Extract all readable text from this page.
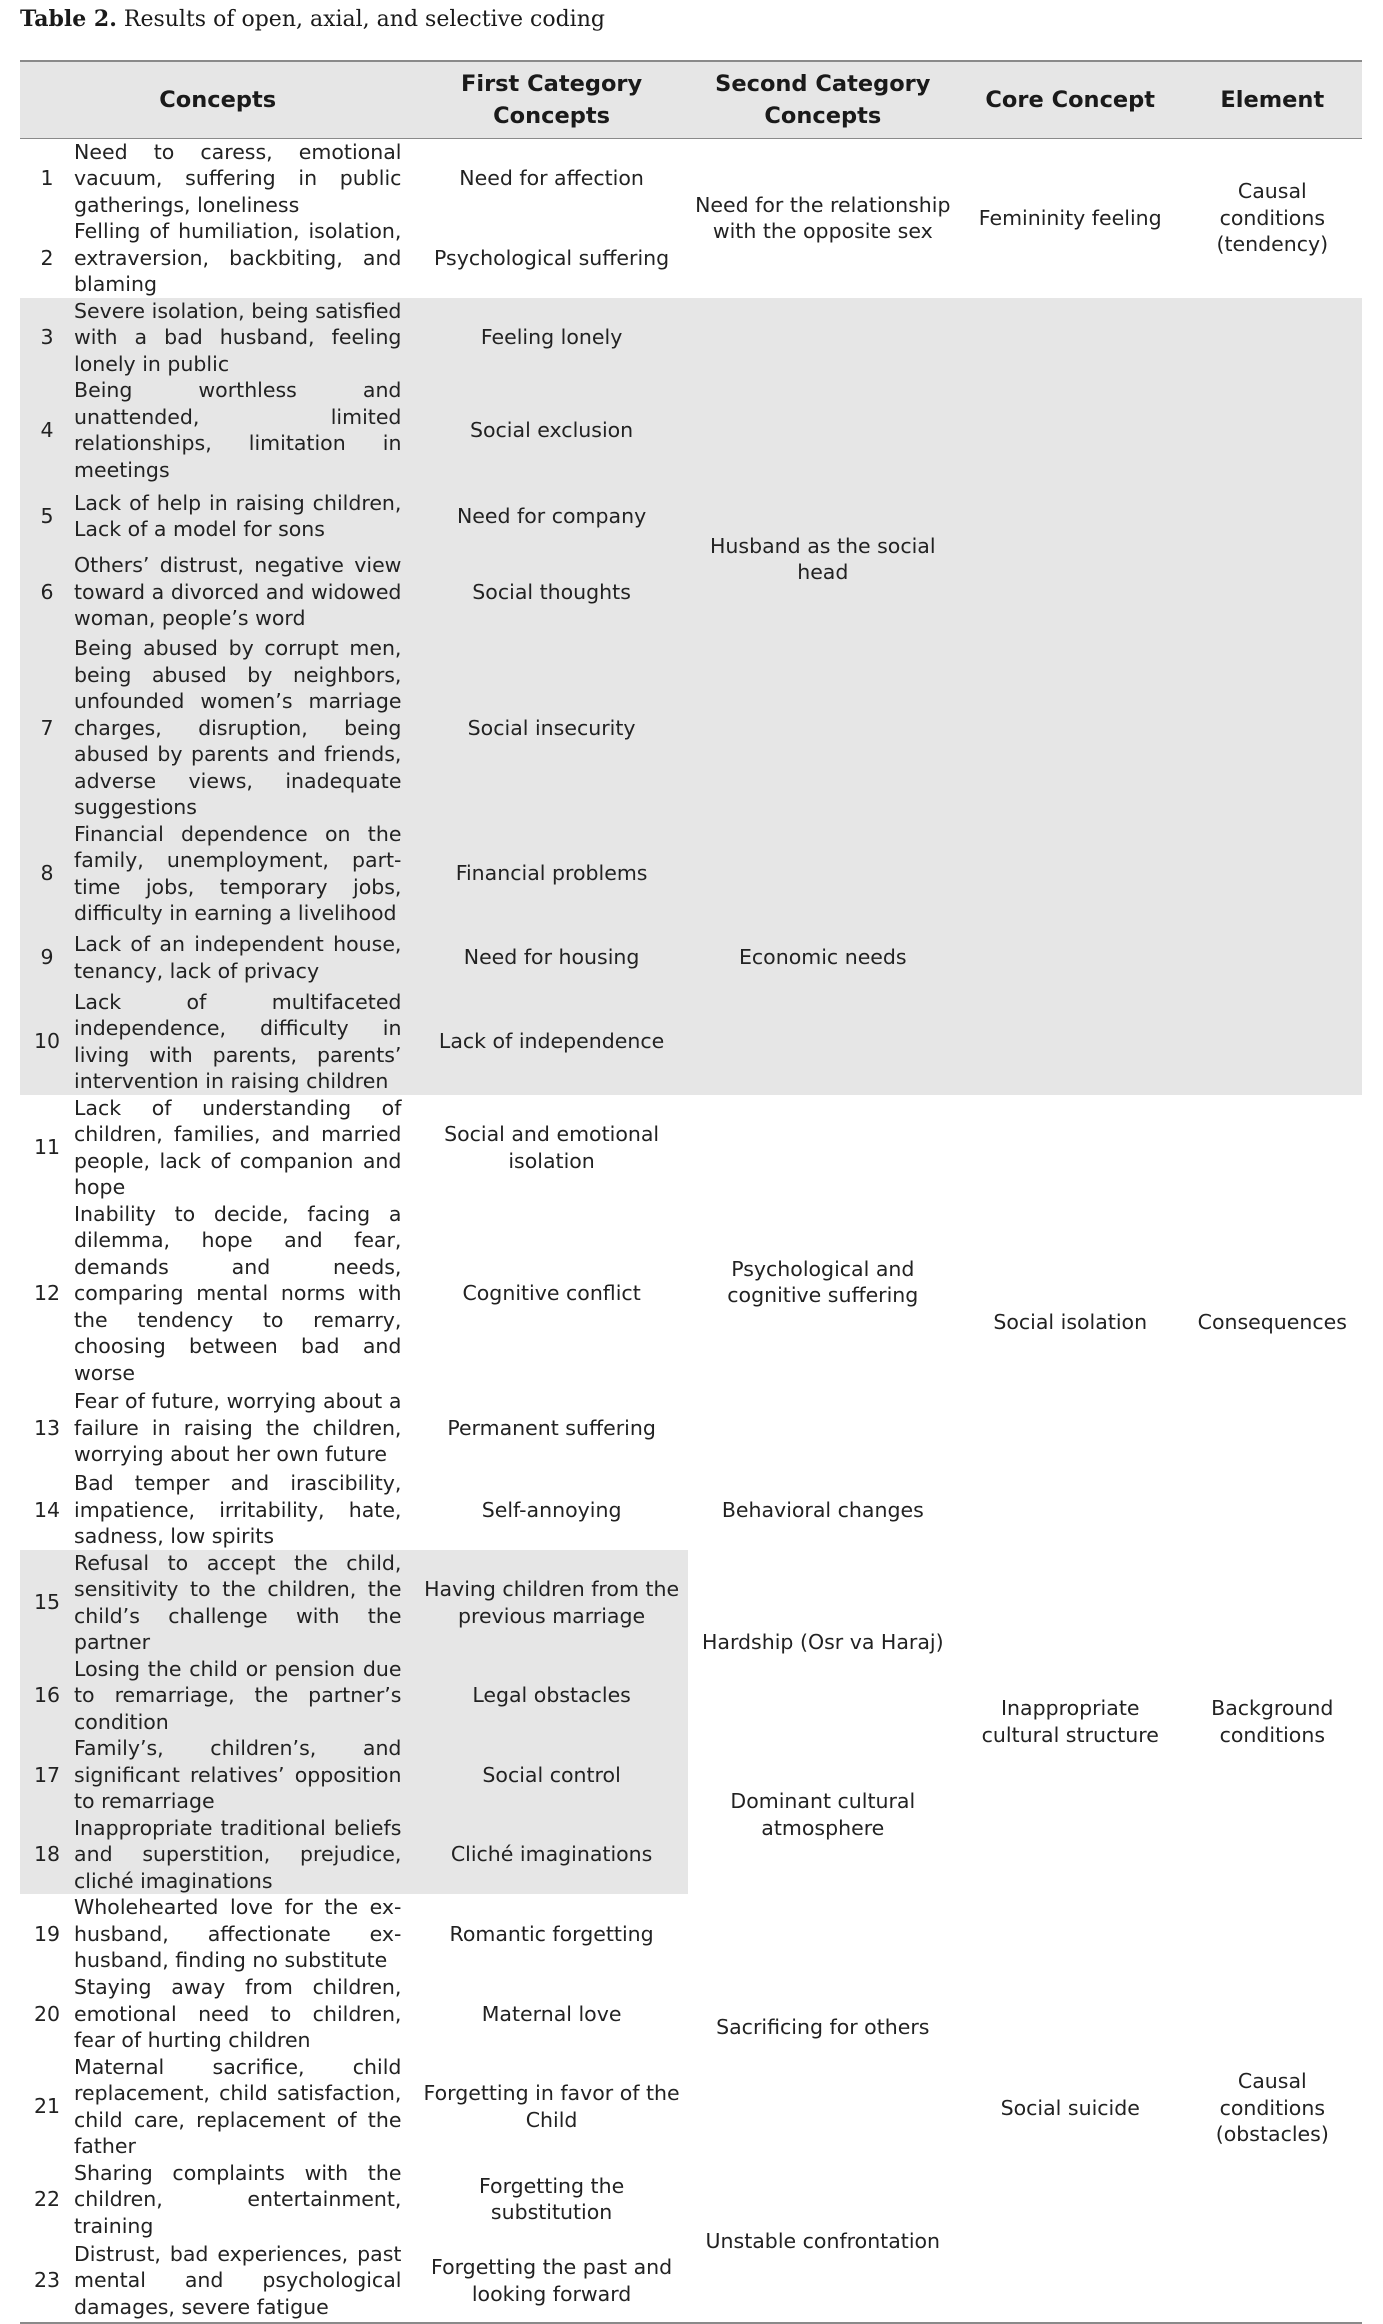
Table 2. Results of open, axial, and selective coding
Concepts		First Category Concepts	Second Category Concepts	Core Concept	Element
1	Need to caress, emotional vacuum, suffering in public gatherings, loneliness	Need for affection	Need for the relationship with the opposite sex	Femininity feeling	Causal conditions (tendency)
2	Felling of humiliation, isolation, extraversion, backbiting, and blaming	Psychological suffering			
3	Severe isolation, being satisfied with a bad husband, feeling lonely in public	Feeling lonely	Husband as the social head		
4	Being worthless and unattended, limited relationships, limitation in meetings	Social exclusion			
5	Lack of help in raising children, Lack of a model for sons	Need for company			
6	Others’ distrust, negative view toward a divorced and widowed woman, people’s word	Social thoughts			
7	Being abused by corrupt men, being abused by neighbors, unfounded women’s marriage charges, disruption, being abused by parents and friends, adverse views, inadequate suggestions	Social insecurity			
8	Financial dependence on the family, unemployment, part-time jobs, temporary jobs, difficulty in earning a livelihood	Financial problems	Economic needs		
9	Lack of an independent house, tenancy, lack of privacy	Need for housing			
10	Lack of multifaceted independence, difficulty in living with parents, parents’ intervention in raising children	Lack of independence			
11	Lack of understanding of children, families, and married people, lack of companion and hope	Social and emotional isolation	Psychological and cognitive suffering	Social isolation	Consequences
12	Inability to decide, facing a dilemma, hope and fear, demands and needs, comparing mental norms with the tendency to remarry, choosing between bad and worse	Cognitive conflict			
13	Fear of future, worrying about a failure in raising the children, worrying about her own future	Permanent suffering			
14	Bad temper and irascibility, impatience, irritability, hate, sadness, low spirits	Self-annoying	Behavioral changes		
15	Refusal to accept the child, sensitivity to the children, the child’s challenge with the partner	Having children from the previous marriage	Hardship (Osr va Haraj)	Inappropriate cultural structure	Background conditions
16	Losing the child or pension due to remarriage, the partner’s condition	Legal obstacles			
17	Family’s, children’s, and significant relatives’ opposition to remarriage	Social control	Dominant cultural atmosphere		
18	Inappropriate traditional beliefs and superstition, prejudice, cliché imaginations	Cliché imaginations			
19	Wholehearted love for the ex-husband, affectionate ex-husband, finding no substitute	Romantic forgetting	Sacrificing for others	Social suicide	Causal conditions (obstacles)
20	Staying away from children, emotional need to children, fear of hurting children	Maternal love			
21	Maternal sacrifice, child replacement, child satisfaction, child care, replacement of the father	Forgetting in favor of the Child			
22	Sharing complaints with the children, entertainment, training	Forgetting the substitution	Unstable confrontation		
23	Distrust, bad experiences, past mental and psychological damages, severe fatigue	Forgetting the past and looking forward			
